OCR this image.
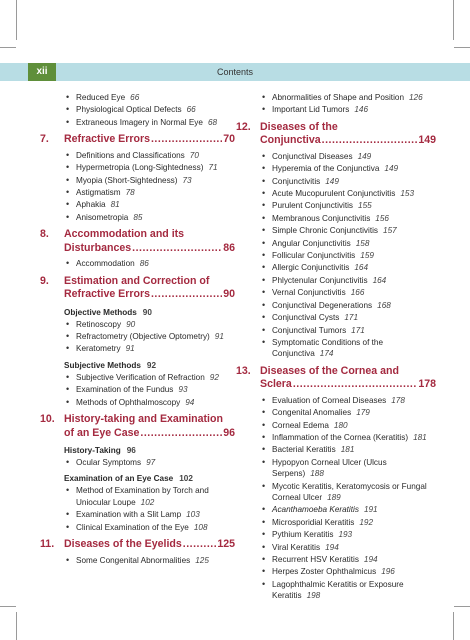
Contents
xii
• Reduced Eye 66
• Physiological Optical Defects 66
• Extraneous Imagery in Normal Eye 68
7. Refractive Errors .....	70
• Definitions and Classifications 70
• Hypermetropia (Long-Sightedness) 71
• Myopia (Short-Sightedness) 73
• Astigmatism 78
• Aphakia 81
• Anisometropia 85
8. Accommodation and its
Disturbances .....	86
• Accommodation 86
9. Estimation and Correction of
Refractive Errors .....	90
Objective Methods 90
• Retinoscopy 90
• Refractometry (Objective Optometry) 91
• Keratometry 91
Subjective Methods 92
• Subjective Verification of Refraction 92
• Examination of the Fundus 93
• Methods of Ophthalmoscopy 94
10. History-taking and Examination
of an Eye Case .....	96
History-Taking 96
• Ocular Symptoms 97
Examination of an Eye Case 102
• Method of Examination by Torch and Uniocular Loupe 102
• Examination with a Slit Lamp 103
• Clinical Examination of the Eye 108
11. Diseases of the Eyelids .....	125
• Some Congenital Abnormalities 125
• Abnormalities of Shape and Position 126
• Important Lid Tumors 146
12. Diseases of the
Conjunctiva .....	149
• Conjunctival Diseases 149
• Hyperemia of the Conjunctiva 149
• Conjunctivitis 149
• Acute Mucopurulent Conjunctivitis 153
• Purulent Conjunctivitis 155
• Membranous Conjunctivitis 156
• Simple Chronic Conjunctivitis 157
• Angular Conjunctivitis 158
• Follicular Conjunctivitis 159
• Allergic Conjunctivitis 164
• Phlyctenular Conjunctivitis 164
• Vernal Conjunctivitis 166
• Conjunctival Degenerations 168
• Conjunctival Cysts 171
• Conjunctival Tumors 171
• Symptomatic Conditions of the Conjunctiva 174
13. Diseases of the Cornea and
Sclera .....	178
• Evaluation of Corneal Diseases 178
• Congenital Anomalies 179
• Corneal Edema 180
• Inflammation of the Cornea (Keratitis) 181
• Bacterial Keratitis 181
• Hypopyon Corneal Ulcer (Ulcus Serpens) 188
• Mycotic Keratitis, Keratomycosis or Fungal Corneal Ulcer 189
• Acanthamoeba Keratitis 191
• Microsporidial Keratitis 192
• Pythium Keratitis 193
• Viral Keratitis 194
• Recurrent HSV Keratitis 194
• Herpes Zoster Ophthalmicus 196
• Lagophthalmic Keratitis or Exposure Keratitis 198
